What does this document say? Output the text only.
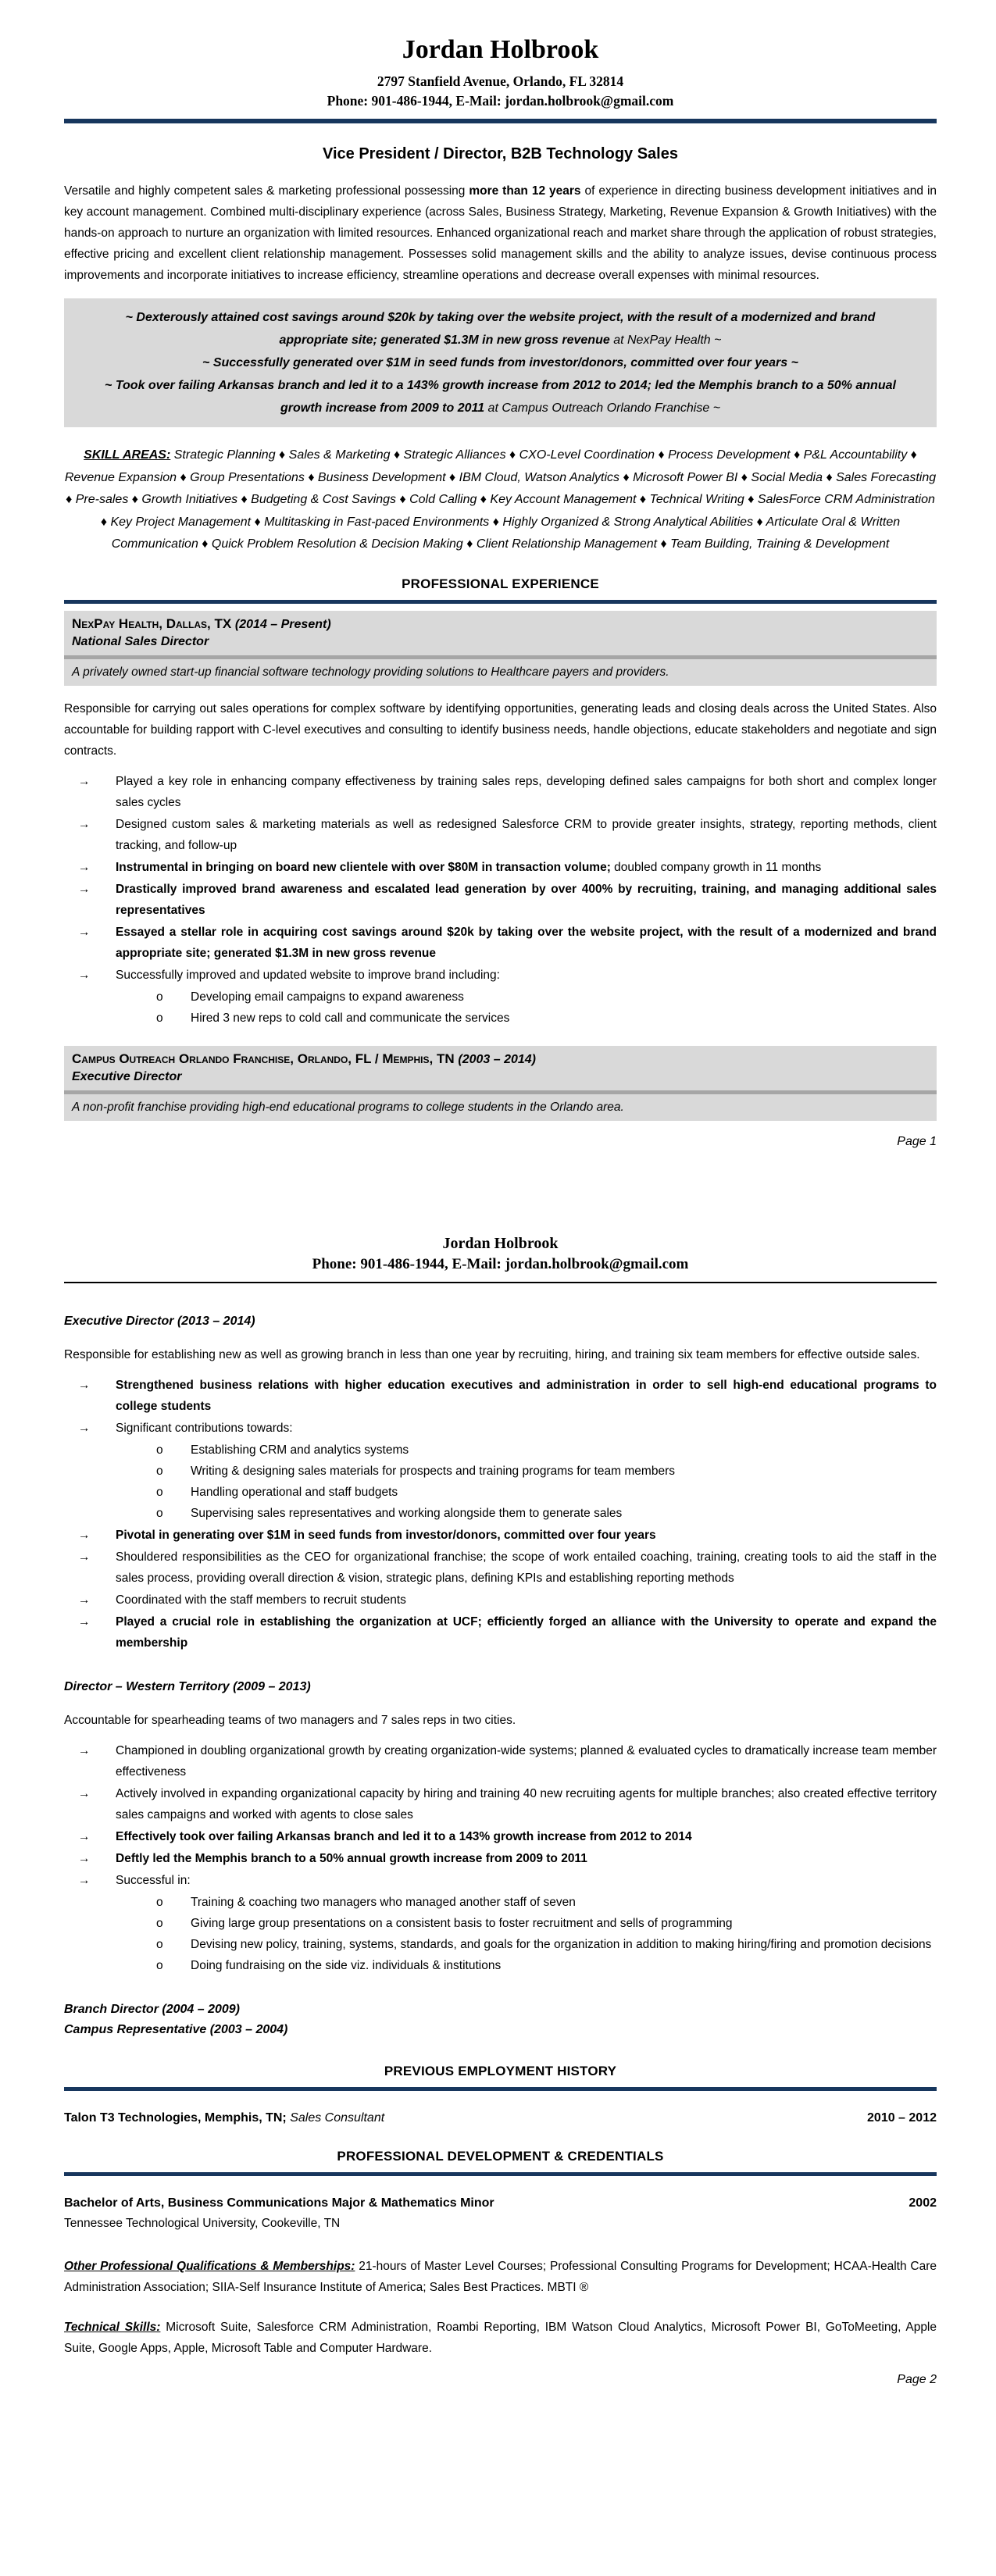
Jordan Holbrook
2797 Stanfield Avenue, Orlando, FL 32814
Phone: 901-486-1944, E-Mail: jordan.holbrook@gmail.com
Vice President / Director, B2B Technology Sales
Versatile and highly competent sales & marketing professional possessing more than 12 years of experience in directing business development initiatives and in key account management. Combined multi-disciplinary experience (across Sales, Business Strategy, Marketing, Revenue Expansion & Growth Initiatives) with the hands-on approach to nurture an organization with limited resources. Enhanced organizational reach and market share through the application of robust strategies, effective pricing and excellent client relationship management. Possesses solid management skills and the ability to analyze issues, devise continuous process improvements and incorporate initiatives to increase efficiency, streamline operations and decrease overall expenses with minimal resources.
~ Dexterously attained cost savings around $20k by taking over the website project, with the result of a modernized and brand appropriate site; generated $1.3M in new gross revenue at NexPay Health ~
~ Successfully generated over $1M in seed funds from investor/donors, committed over four years ~
~ Took over failing Arkansas branch and led it to a 143% growth increase from 2012 to 2014; led the Memphis branch to a 50% annual growth increase from 2009 to 2011 at Campus Outreach Orlando Franchise ~
SKILL AREAS: Strategic Planning ♦ Sales & Marketing ♦ Strategic Alliances ♦ CXO-Level Coordination ♦ Process Development ♦ P&L Accountability ♦ Revenue Expansion ♦ Group Presentations ♦ Business Development ♦ IBM Cloud, Watson Analytics ♦ Microsoft Power BI ♦ Social Media ♦ Sales Forecasting ♦ Pre-sales ♦ Growth Initiatives ♦ Budgeting & Cost Savings ♦ Cold Calling ♦ Key Account Management ♦ Technical Writing ♦ SalesForce CRM Administration ♦ Key Project Management ♦ Multitasking in Fast-paced Environments ♦ Highly Organized & Strong Analytical Abilities ♦ Articulate Oral & Written Communication ♦ Quick Problem Resolution & Decision Making ♦ Client Relationship Management ♦ Team Building, Training & Development
PROFESSIONAL EXPERIENCE
NexPay Health, Dallas, TX (2014 – Present)
National Sales Director
A privately owned start-up financial software technology providing solutions to Healthcare payers and providers.
Responsible for carrying out sales operations for complex software by identifying opportunities, generating leads and closing deals across the United States. Also accountable for building rapport with C-level executives and consulting to identify business needs, handle objections, educate stakeholders and negotiate and sign contracts.
→	Played a key role in enhancing company effectiveness by training sales reps, developing defined sales campaigns for both short and complex longer sales cycles
→	Designed custom sales & marketing materials as well as redesigned Salesforce CRM to provide greater insights, strategy, reporting methods, client tracking, and follow-up
→	Instrumental in bringing on board new clientele with over $80M in transaction volume; doubled company growth in 11 months
→	Drastically improved brand awareness and escalated lead generation by over 400% by recruiting, training, and managing additional sales representatives
→	Essayed a stellar role in acquiring cost savings around $20k by taking over the website project, with the result of a modernized and brand appropriate site; generated $1.3M in new gross revenue
→	Successfully improved and updated website to improve brand including:
o	Developing email campaigns to expand awareness
o	Hired 3 new reps to cold call and communicate the services
Campus Outreach Orlando Franchise, Orlando, FL / Memphis, TN (2003 – 2014)
Executive Director
A non-profit franchise providing high-end educational programs to college students in the Orlando area.
Page 1
Jordan Holbrook
Phone: 901-486-1944, E-Mail: jordan.holbrook@gmail.com
Executive Director (2013 – 2014)
Responsible for establishing new as well as growing branch in less than one year by recruiting, hiring, and training six team members for effective outside sales.
→	Strengthened business relations with higher education executives and administration in order to sell high-end educational programs to college students
→	Significant contributions towards:
o	Establishing CRM and analytics systems
o	Writing & designing sales materials for prospects and training programs for team members
o	Handling operational and staff budgets
o	Supervising sales representatives and working alongside them to generate sales
→	Pivotal in generating over $1M in seed funds from investor/donors, committed over four years
→	Shouldered responsibilities as the CEO for organizational franchise; the scope of work entailed coaching, training, creating tools to aid the staff in the sales process, providing overall direction & vision, strategic plans, defining KPIs and establishing reporting methods
→	Coordinated with the staff members to recruit students
→	Played a crucial role in establishing the organization at UCF; efficiently forged an alliance with the University to operate and expand the membership
Director – Western Territory (2009 – 2013)
Accountable for spearheading teams of two managers and 7 sales reps in two cities.
→	Championed in doubling organizational growth by creating organization-wide systems; planned & evaluated cycles to dramatically increase team member effectiveness
→	Actively involved in expanding organizational capacity by hiring and training 40 new recruiting agents for multiple branches; also created effective territory sales campaigns and worked with agents to close sales
→	Effectively took over failing Arkansas branch and led it to a 143% growth increase from 2012 to 2014
→	Deftly led the Memphis branch to a 50% annual growth increase from 2009 to 2011
→	Successful in:
o	Training & coaching two managers who managed another staff of seven
o	Giving large group presentations on a consistent basis to foster recruitment and sells of programming
o	Devising new policy, training, systems, standards, and goals for the organization in addition to making hiring/firing and promotion decisions
o	Doing fundraising on the side viz. individuals & institutions
Branch Director (2004 – 2009)
Campus Representative (2003 – 2004)
PREVIOUS EMPLOYMENT HISTORY
Talon T3 Technologies, Memphis, TN; Sales Consultant	2010 – 2012
PROFESSIONAL DEVELOPMENT & CREDENTIALS
Bachelor of Arts, Business Communications Major & Mathematics Minor	2002
Tennessee Technological University, Cookeville, TN
Other Professional Qualifications & Memberships: 21-hours of Master Level Courses; Professional Consulting Programs for Development; HCAA-Health Care Administration Association; SIIA-Self Insurance Institute of America; Sales Best Practices. MBTI ®
Technical Skills: Microsoft Suite, Salesforce CRM Administration, Roambi Reporting, IBM Watson Cloud Analytics, Microsoft Power BI, GoToMeeting, Apple Suite, Google Apps, Apple, Microsoft Table and Computer Hardware.
Page 2
